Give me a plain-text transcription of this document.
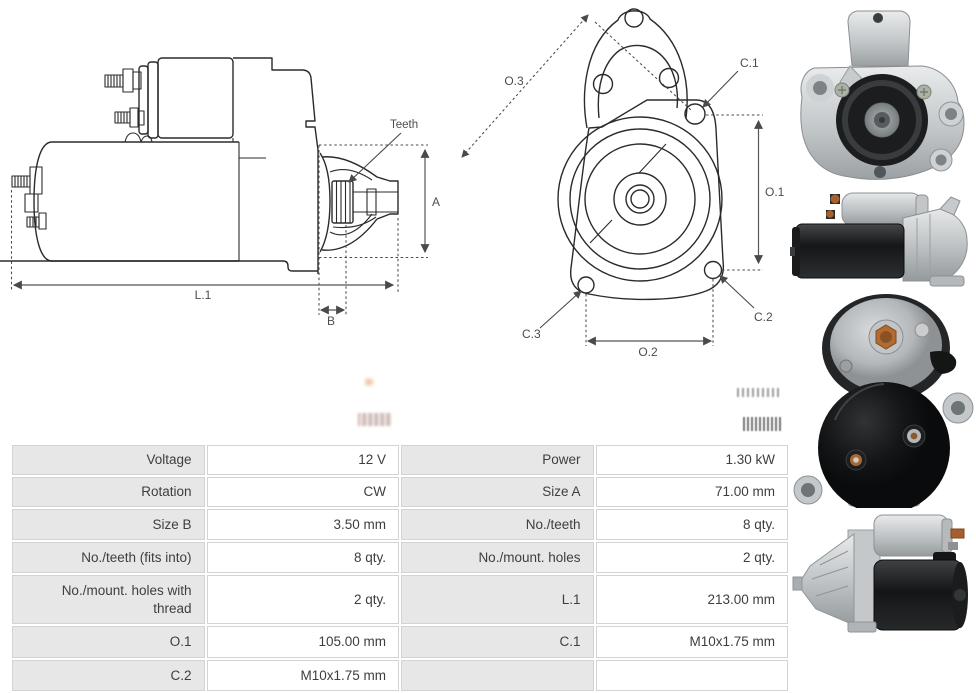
Teeth
A
L.1
B
O.3
C.1
O.1
C.2
C.3
O.2
Voltage	12 V	Power	1.30 kW
Rotation	CW	Size A	71.00 mm
Size B	3.50 mm	No./teeth	8 qty.
No./teeth (fits into)	8 qty.	No./mount. holes	2 qty.
No./mount. holes with thread	2 qty.	L.1	213.00 mm
O.1	105.00 mm	C.1	M10x1.75 mm
C.2	M10x1.75 mm		
